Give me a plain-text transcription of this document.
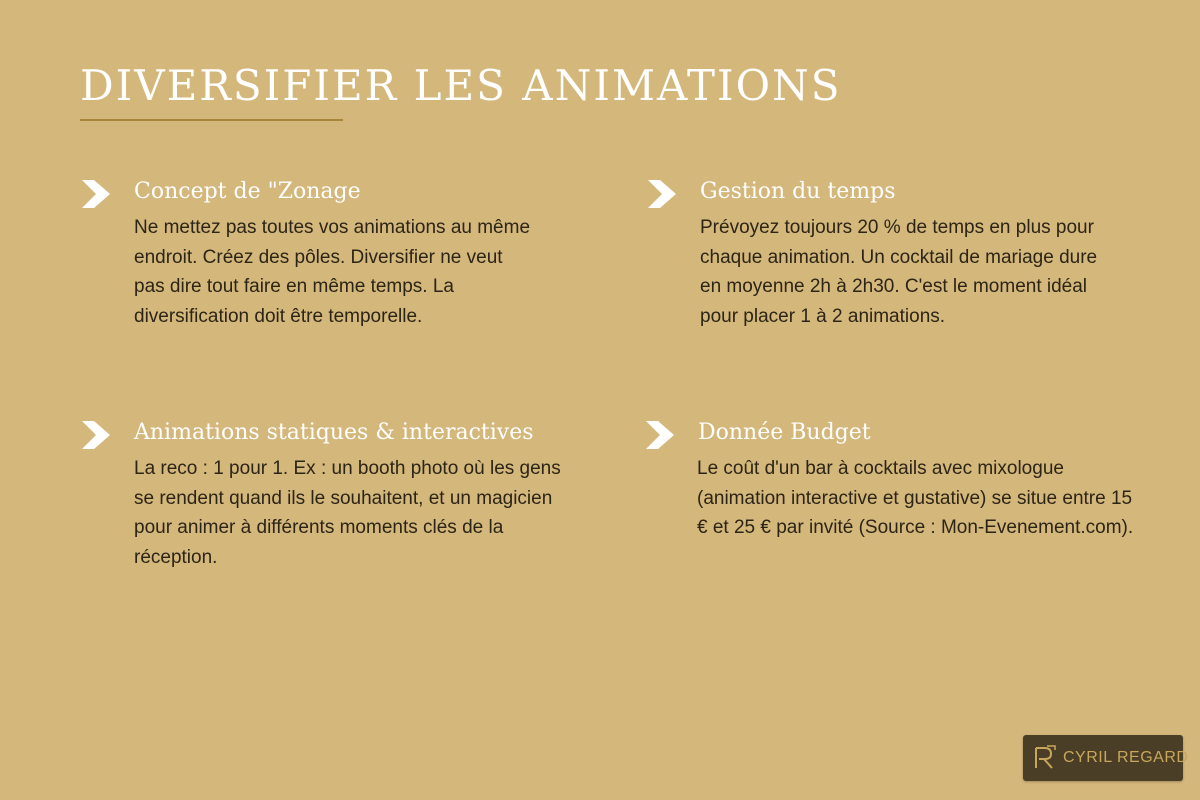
DIVERSIFIER LES ANIMATIONS
Concept de "Zonage

Ne mettez pas toutes vos animations au même endroit. Créez des pôles. Diversifier ne veut pas dire tout faire en même temps. La diversification doit être temporelle.

Gestion du temps

Prévoyez toujours 20 % de temps en plus pour chaque animation. Un cocktail de mariage dure en moyenne 2h à 2h30. C'est le moment idéal pour placer 1 à 2 animations.

Animations statiques & interactives

La reco : 1 pour 1. Ex : un booth photo où les gens se rendent quand ils le souhaitent, et un magicien pour animer à différents moments clés de la réception.

Donnée Budget

Le coût d'un bar à cocktails avec mixologue (animation interactive et gustative) se situe entre 15 € et 25 € par invité (Source : Mon-Evenement.com).

CYRIL REGARD
